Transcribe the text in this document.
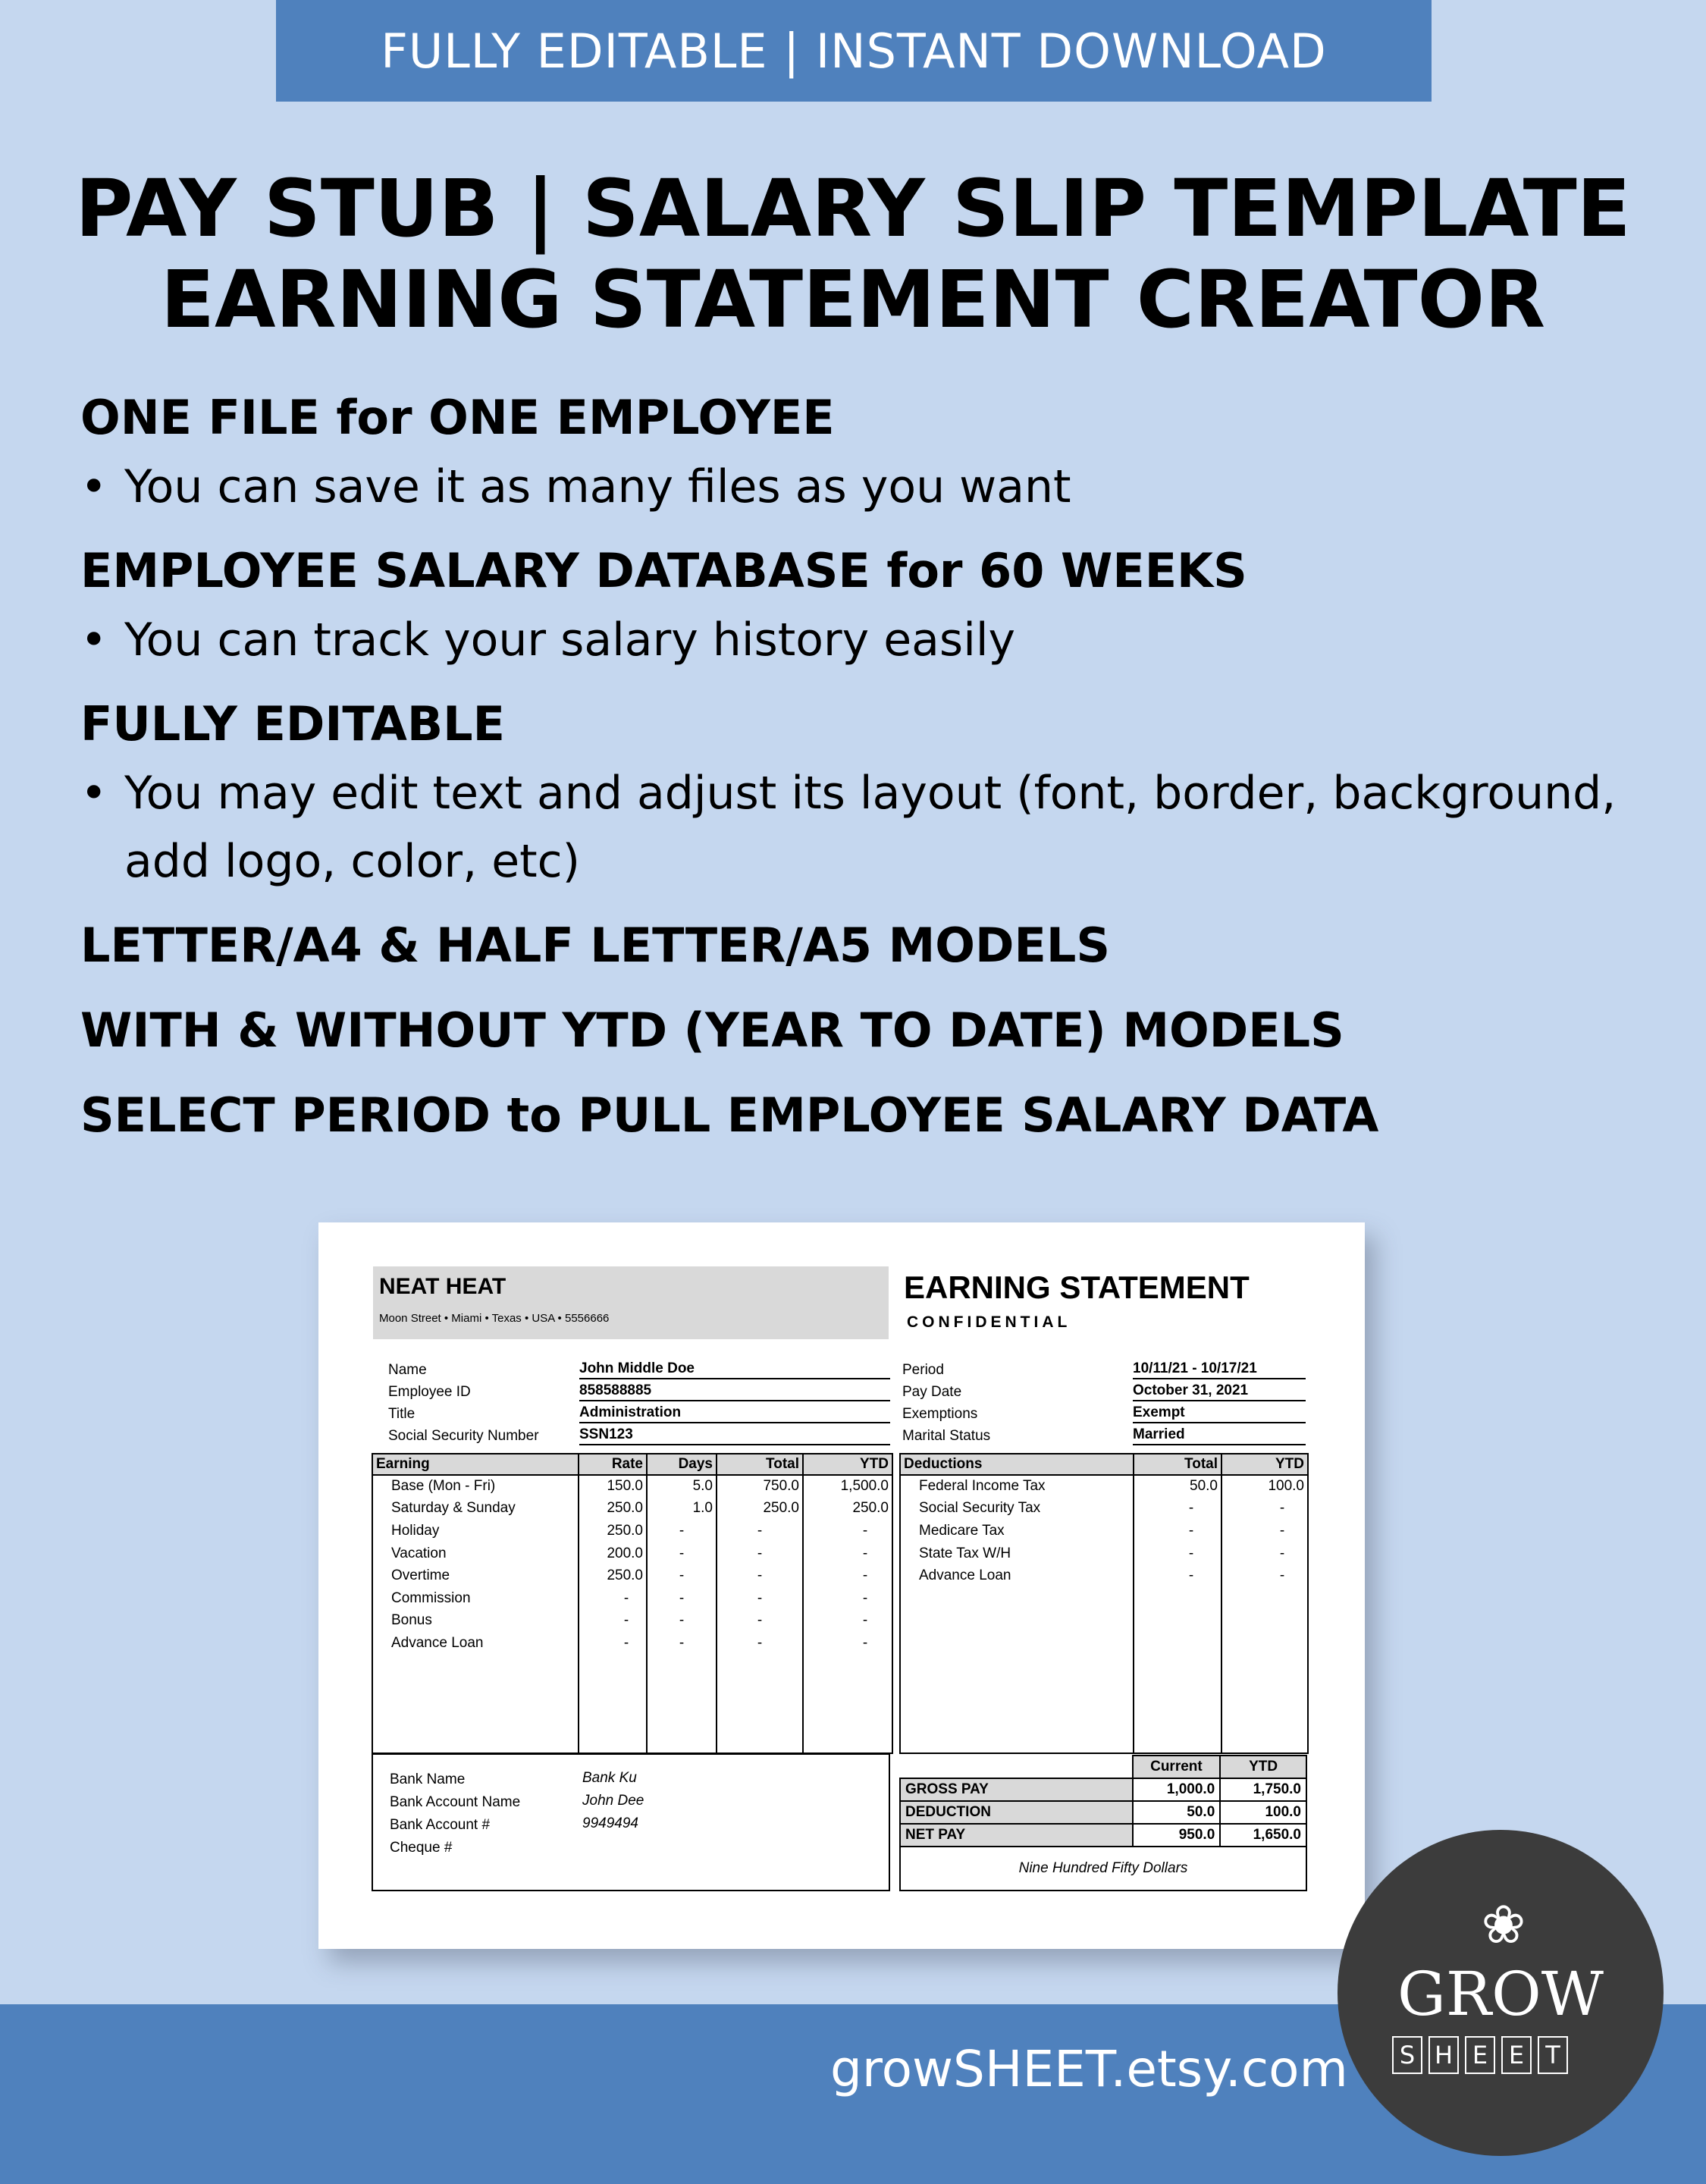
FULLY EDITABLE | INSTANT DOWNLOAD
PAY STUB | SALARY SLIP TEMPLATE
EARNING STATEMENT CREATOR
ONE FILE for ONE EMPLOYEE
• You can save it as many files as you want
EMPLOYEE SALARY DATABASE for 60 WEEKS
• You can track your salary history easily
FULLY EDITABLE
• You may edit text and adjust its layout (font, border, background, add logo, color, etc)
LETTER/A4 & HALF LETTER/A5 MODELS
WITH & WITHOUT YTD (YEAR TO DATE) MODELS
SELECT PERIOD to PULL EMPLOYEE SALARY DATA
NEAT HEAT
Moon Street • Miami • Texas • USA • 5556666
EARNING STATEMENT
CONFIDENTIAL
Name	John Middle Doe
Employee ID	858588885
Title	Administration
Social Security Number	SSN123
Period	10/11/21 - 10/17/21
Pay Date	October 31, 2021
Exemptions	Exempt
Marital Status	Married
Earning	Rate	Days	Total	YTD
Base (Mon - Fri)	150.0	5.0	750.0	1,500.0
Saturday & Sunday	250.0	1.0	250.0	250.0
Holiday	250.0	-	-	-
Vacation	200.0	-	-	-
Overtime	250.0	-	-	-
Commission	-	-	-	-
Bonus	-	-	-	-
Advance Loan	-	-	-	-

Deductions	Total	YTD
Federal Income Tax	50.0	100.0
Social Security Tax	-	-
Medicare Tax	-	-
State Tax W/H	-	-
Advance Loan	-	-

Bank Name	Bank Ku
Bank Account Name	John Dee
Bank Account #	9949494
Cheque #
	Current	YTD
GROSS PAY	1,000.0	1,750.0
DEDUCTION	50.0	100.0
NET PAY	950.0	1,650.0
Nine Hundred Fifty Dollars
growSHEET.etsy.com
❀
GROW
S H E E T
